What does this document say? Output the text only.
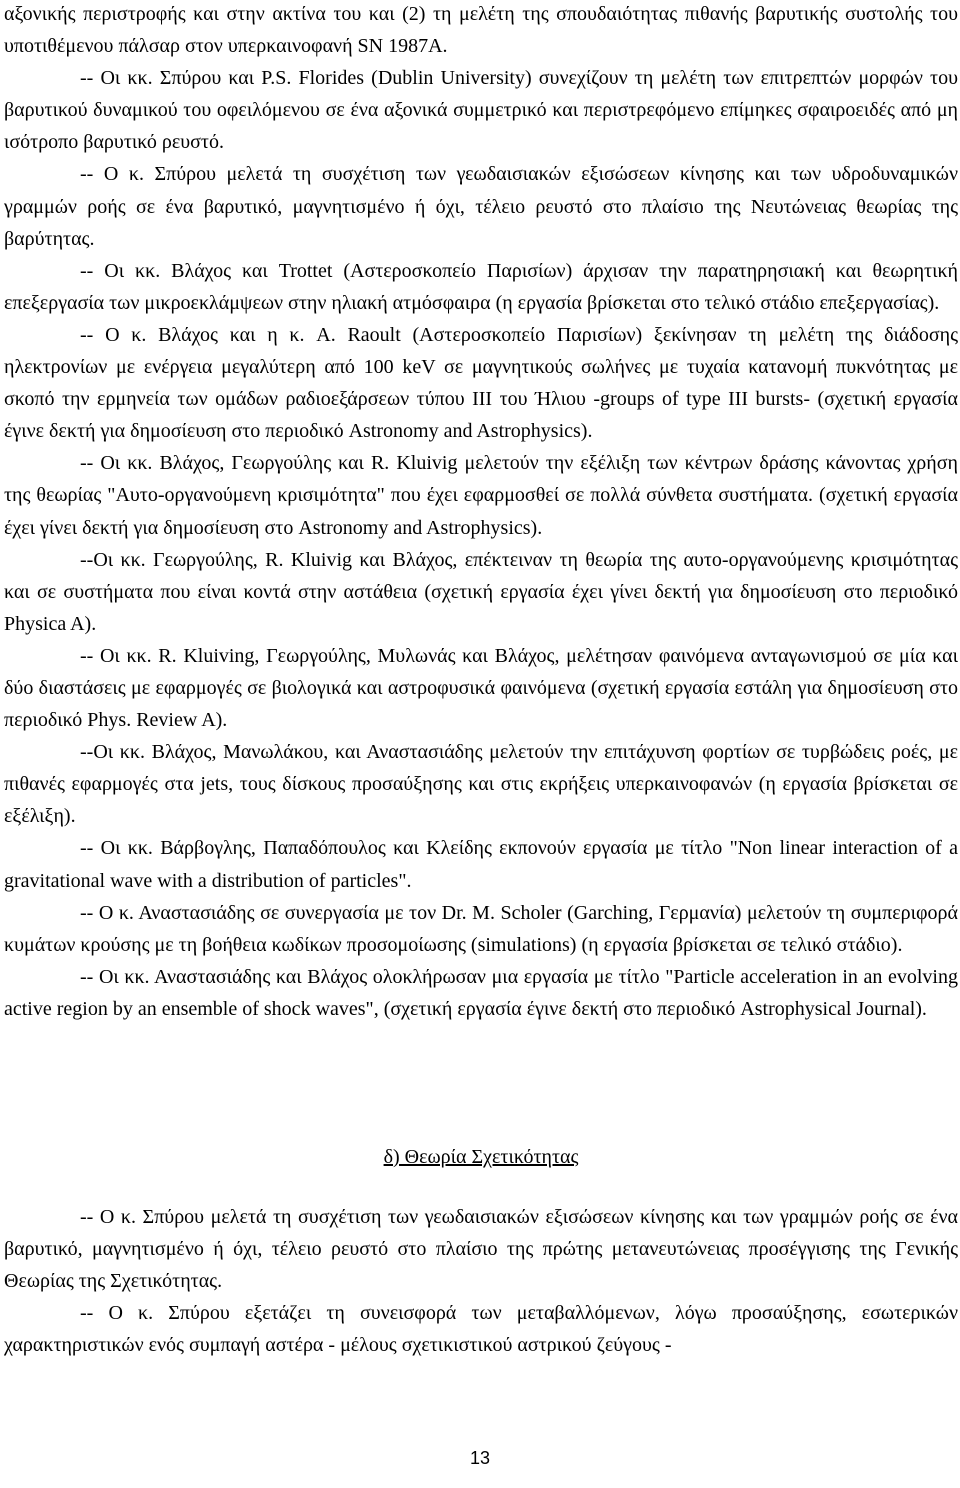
αξονικής περιστροφής και στην ακτίνα του και (2) τη μελέτη της σπουδαιότητας πιθανής βαρυτικής συστολής του υποτιθέμενου πάλσαρ στον υπερκαινοφανή SN 1987A.

-- Οι κκ. Σπύρου και P.S. Florides (Dublin University) συνεχίζουν τη μελέτη των επιτρεπτών μορφών του βαρυτικού δυναμικού του οφειλόμενου σε ένα αξονικά συμμετρικό και περιστρεφόμενο επίμηκες σφαιροειδές από μη ισότροπο βαρυτικό ρευστό.

-- Ο κ. Σπύρου μελετά τη συσχέτιση των γεωδαισιακών εξισώσεων κίνησης και των υδροδυναμικών γραμμών ροής σε ένα βαρυτικό, μαγνητισμένο ή όχι, τέλειο ρευστό στο πλαίσιο της Νευτώνειας θεωρίας της βαρύτητας.

-- Οι κκ. Βλάχος και Trottet (Αστεροσκοπείο Παρισίων) άρχισαν την παρατηρησιακή και θεωρητική επεξεργασία των μικροεκλάμψεων στην ηλιακή ατμόσφαιρα (η εργασία βρίσκεται στο τελικό στάδιο επεξεργασίας).

-- Ο κ. Βλάχος και η κ. A. Raoult (Αστεροσκοπείο Παρισίων) ξεκίνησαν τη μελέτη της διάδοσης ηλεκτρονίων με ενέργεια μεγαλύτερη από 100 keV σε μαγνητικούς σωλήνες με τυχαία κατανομή πυκνότητας με σκοπό την ερμηνεία των ομάδων ραδιοεξάρσεων τύπου III του Ήλιου -groups of type III bursts- (σχετική εργασία έγινε δεκτή για δημοσίευση στο περιοδικό Astronomy and Astrophysics).

-- Οι κκ. Βλάχος, Γεωργούλης και R. Kluivig μελετούν την εξέλιξη των κέντρων δράσης κάνοντας χρήση της θεωρίας "Αυτο-οργανούμενη κρισιμότητα" που έχει εφαρμοσθεί σε πολλά σύνθετα συστήματα. (σχετική εργασία έχει γίνει δεκτή για δημοσίευση στο Astronomy and Astrophysics).

--Οι κκ. Γεωργούλης, R. Kluivig και Βλάχος, επέκτειναν τη θεωρία της αυτο-οργανούμενης κρισιμότητας και σε συστήματα που είναι κοντά στην αστάθεια (σχετική εργασία έχει γίνει δεκτή για δημοσίευση στο περιοδικό Physica A).

-- Οι κκ. R. Kluiving, Γεωργούλης, Μυλωνάς και Βλάχος, μελέτησαν φαινόμενα ανταγωνισμού σε μία και δύο διαστάσεις με εφαρμογές σε βιολογικά και αστροφυσικά φαινόμενα (σχετική εργασία εστάλη για δημοσίευση στο περιοδικό Phys. Review A).

--Οι κκ. Βλάχος, Μανωλάκου, και Αναστασιάδης μελετούν την επιτάχυνση φορτίων σε τυρβώδεις ροές, με πιθανές εφαρμογές στα jets, τους δίσκους προσαύξησης και στις εκρήξεις υπερκαινοφανών (η εργασία βρίσκεται σε εξέλιξη).

-- Οι κκ. Βάρβογλης, Παπαδόπουλος και Κλείδης εκπονούν εργασία με τίτλο "Non linear interaction of a gravitational wave with a distribution of particles".

-- Ο κ. Αναστασιάδης σε συνεργασία με τον Dr. M. Scholer (Garching, Γερμανία) μελετούν τη συμπεριφορά κυμάτων κρούσης με τη βοήθεια κωδίκων προσομοίωσης (simulations) (η εργασία βρίσκεται σε τελικό στάδιο).

-- Οι κκ. Αναστασιάδης και Βλάχος ολοκλήρωσαν μια εργασία με τίτλο "Particle acceleration in an evolving active region by an ensemble of shock waves", (σχετική εργασία έγινε δεκτή στο περιοδικό Astrophysical Journal).

δ) Θεωρία Σχετικότητας

-- Ο κ. Σπύρου μελετά τη συσχέτιση των γεωδαισιακών εξισώσεων κίνησης και των γραμμών ροής σε ένα βαρυτικό, μαγνητισμένο ή όχι, τέλειο ρευστό στο πλαίσιο της πρώτης μετανευτώνειας προσέγγισης της Γενικής Θεωρίας της Σχετικότητας.

-- Ο κ. Σπύρου εξετάζει τη συνεισφορά των μεταβαλλόμενων, λόγω προσαύξησης, εσωτερικών χαρακτηριστικών ενός συμπαγή αστέρα - μέλους σχετικιστικού αστρικού ζεύγους -

13
